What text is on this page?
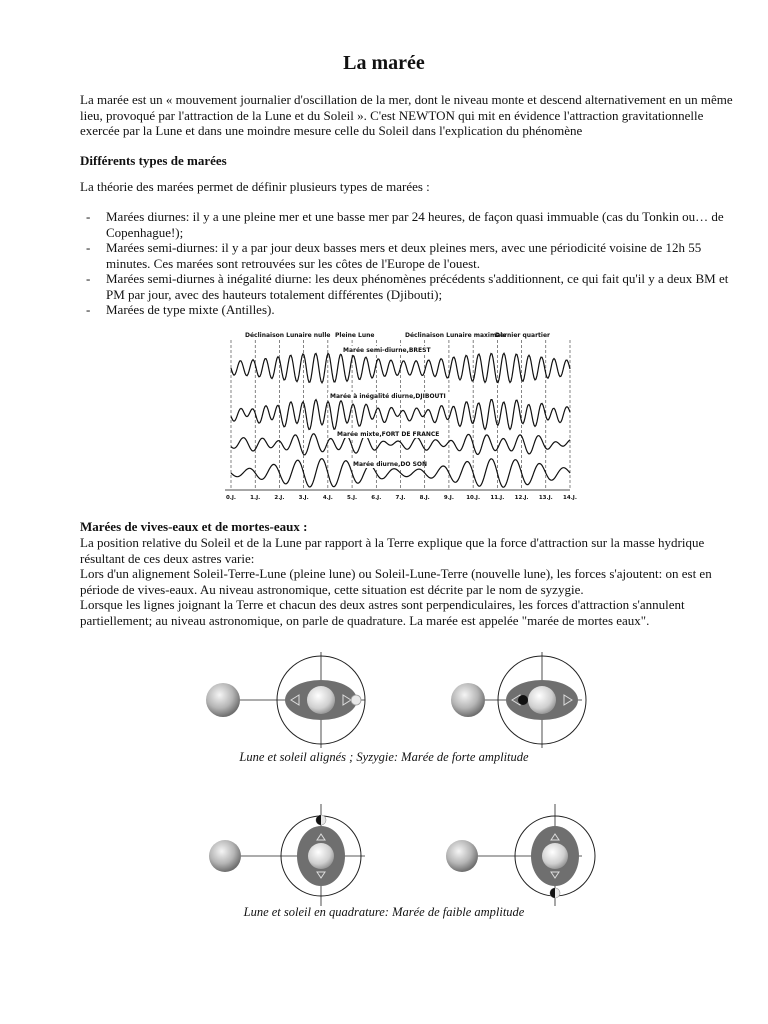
La marée
La marée est un « mouvement journalier d'oscillation de la mer, dont le niveau monte et descend alternativement en un même lieu, provoqué par l'attraction de la Lune et du Soleil ». C'est NEWTON qui mit en évidence l'attraction gravitationnelle exercée par la Lune et dans une moindre mesure celle du Soleil dans l'explication du phénomène
Différents types de marées
La théorie des marées permet de définir plusieurs types de marées :
- Marées diurnes: il y a une pleine mer et une basse mer par 24 heures, de façon quasi immuable (cas du Tonkin ou… de Copenhague!);
- Marées semi-diurnes: il y a par jour deux basses mers et deux pleines mers, avec une périodicité voisine de 12h 55 minutes. Ces marées sont retrouvées sur les côtes de l'Europe de l'ouest.
- Marées semi-diurnes à inégalité diurne: les deux phénomènes précédents s'additionnent, ce qui fait qu'il y a deux BM et PM par jour, avec des hauteurs totalement différentes (Djibouti);
- Marées de type mixte (Antilles).
Déclinaison Lunaire nulle Pleine Lune	Déclinaison Lunaire maximale
Dernier quartier
Marée semi-diurne,BREST
Marée à inégalité diurne,DJIBOUTI
Marée mixte,FORT DE FRANCE
Marée diurne,DO SON
0.J.	1.J.	2.J.	3.J.	4.J.	5.J.	6.J.	7.J.	8.J.	9.J. 10.J. 11.J. 12.J. 13.J. 14.J.
Marées de vives-eaux et de mortes-eaux :
La position relative du Soleil et de la Lune par rapport à la Terre explique que la force d'attraction sur la masse hydrique résultant de ces deux astres varie:
Lors d'un alignement Soleil-Terre-Lune (pleine lune) ou Soleil-Lune-Terre (nouvelle lune), les forces s'ajoutent: on est en période de vives-eaux. Au niveau astronomique, cette situation est décrite par le nom de syzygie.
Lorsque les lignes joignant la Terre et chacun des deux astres sont perpendiculaires, les forces d'attraction s'annulent partiellement; au niveau astronomique, on parle de quadrature. La marée est appelée "marée de mortes eaux".
Lune et soleil alignés ; Syzygie: Marée de forte amplitude
Lune et soleil en quadrature: Marée de faible amplitude
